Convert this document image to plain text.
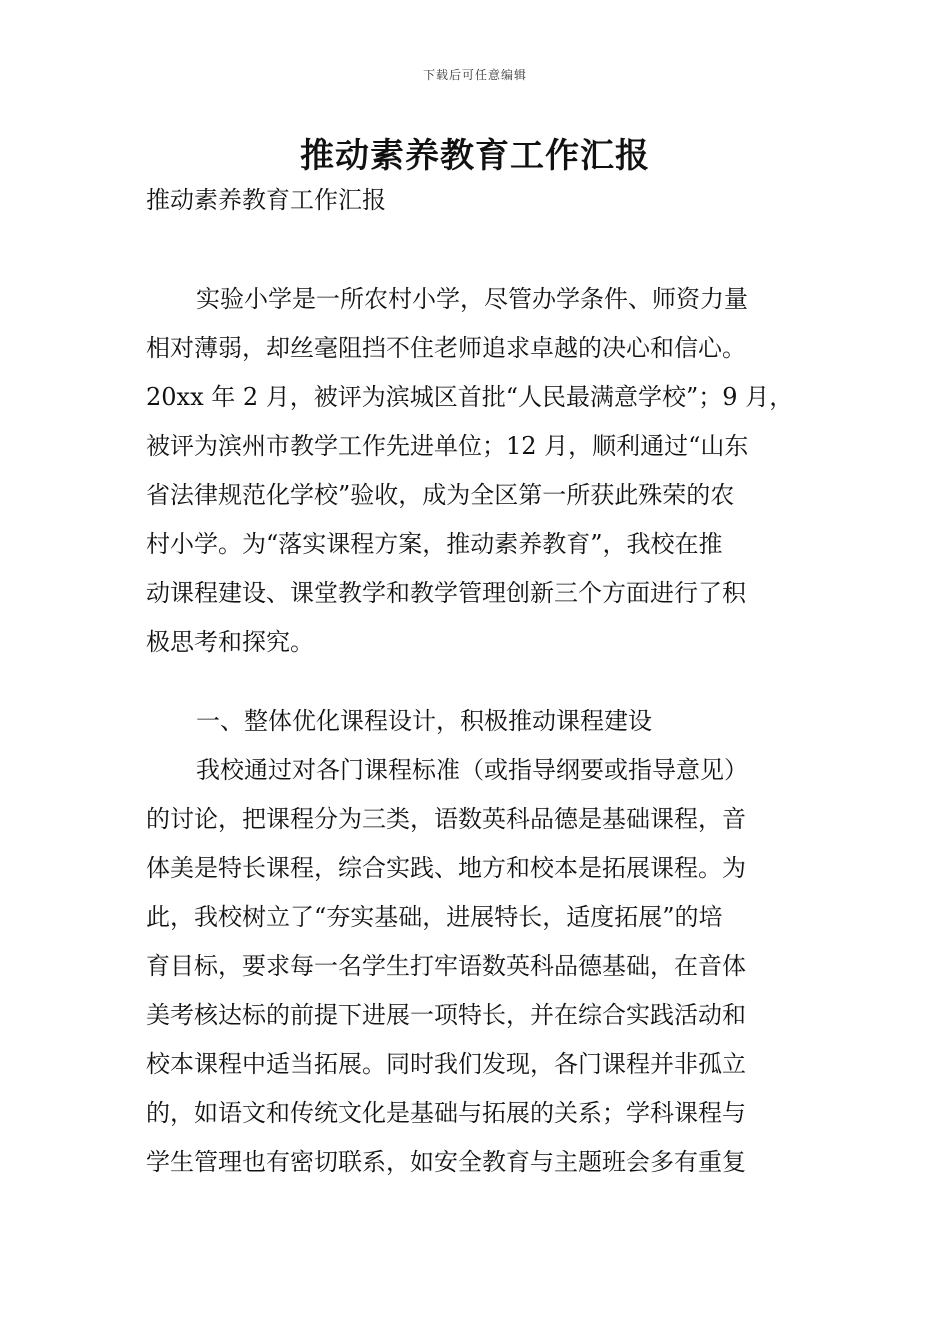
下载后可任意编辑
推动素养教育工作汇报
推动素养教育工作汇报
实验小学是一所农村小学，尽管办学条件、师资力量
相对薄弱，却丝毫阻挡不住老师追求卓越的决心和信心。
20xx 年 2 月，被评为滨城区首批“人民最满意学校”；9 月，
被评为滨州市教学工作先进单位；12 月，顺利通过“山东
省法律规范化学校”验收，成为全区第一所获此殊荣的农
村小学。为“落实课程方案，推动素养教育”，我校在推
动课程建设、课堂教学和教学管理创新三个方面进行了积
极思考和探究。
一、整体优化课程设计，积极推动课程建设
我校通过对各门课程标准（或指导纲要或指导意见）
的讨论，把课程分为三类，语数英科品德是基础课程，音
体美是特长课程，综合实践、地方和校本是拓展课程。为
此，我校树立了“夯实基础，进展特长，适度拓展”的培
育目标，要求每一名学生打牢语数英科品德基础，在音体
美考核达标的前提下进展一项特长，并在综合实践活动和
校本课程中适当拓展。同时我们发现，各门课程并非孤立
的，如语文和传统文化是基础与拓展的关系；学科课程与
学生管理也有密切联系，如安全教育与主题班会多有重复
